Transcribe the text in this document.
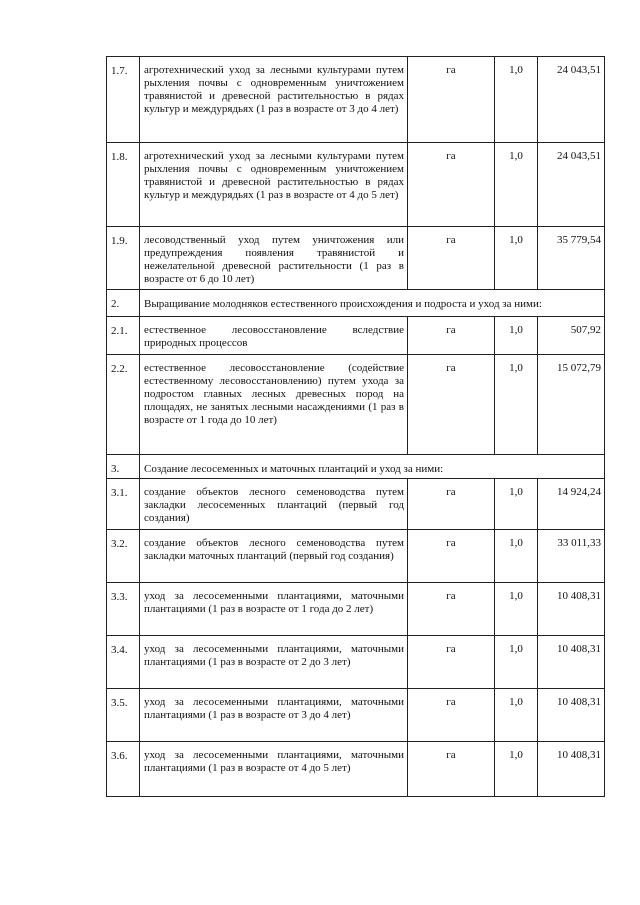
1.7.	агротехнический уход за лесными культурами путем рыхления почвы с одновременным уничтожением травянистой и древесной растительностью в рядах культур и междурядьях (1 раз в возрасте от 3 до 4 лет)	га	1,0	24 043,51
1.8.	агротехнический уход за лесными культурами путем рыхления почвы с одновременным уничтожением травянистой и древесной растительностью в рядах культур и междурядьях (1 раз в возрасте от 4 до 5 лет)	га	1,0	24 043,51
1.9.	лесоводственный уход путем уничтожения или предупреждения появления травянистой и нежелательной древесной растительности (1 раз в возрасте от 6 до 10 лет)	га	1,0	35 779,54
2.	Выращивание молодняков естественного происхождения и подроста и уход за ними:			
2.1.	естественное лесовосстановление вследствие природных процессов	га	1,0	507,92
2.2.	естественное лесовосстановление (содействие естественному лесовосстановлению) путем ухода за подростом главных лесных древесных пород на площадях, не занятых лесными насаждениями (1 раз в возрасте от 1 года до 10 лет)	га	1,0	15 072,79
3.	Создание лесосеменных и маточных плантаций и уход за ними:			
3.1.	создание объектов лесного семеноводства путем закладки лесосеменных плантаций (первый год создания)	га	1,0	14 924,24
3.2.	создание объектов лесного семеноводства путем закладки маточных плантаций (первый год создания)	га	1,0	33 011,33
3.3.	уход за лесосеменными плантациями, маточными плантациями (1 раз в возрасте от 1 года до 2 лет)	га	1,0	10 408,31
3.4.	уход за лесосеменными плантациями, маточными плантациями (1 раз в возрасте от 2 до 3 лет)	га	1,0	10 408,31
3.5.	уход за лесосеменными плантациями, маточными плантациями (1 раз в возрасте от 3 до 4 лет)	га	1,0	10 408,31
3.6.	уход за лесосеменными плантациями, маточными плантациями (1 раз в возрасте от 4 до 5 лет)	га	1,0	10 408,31
